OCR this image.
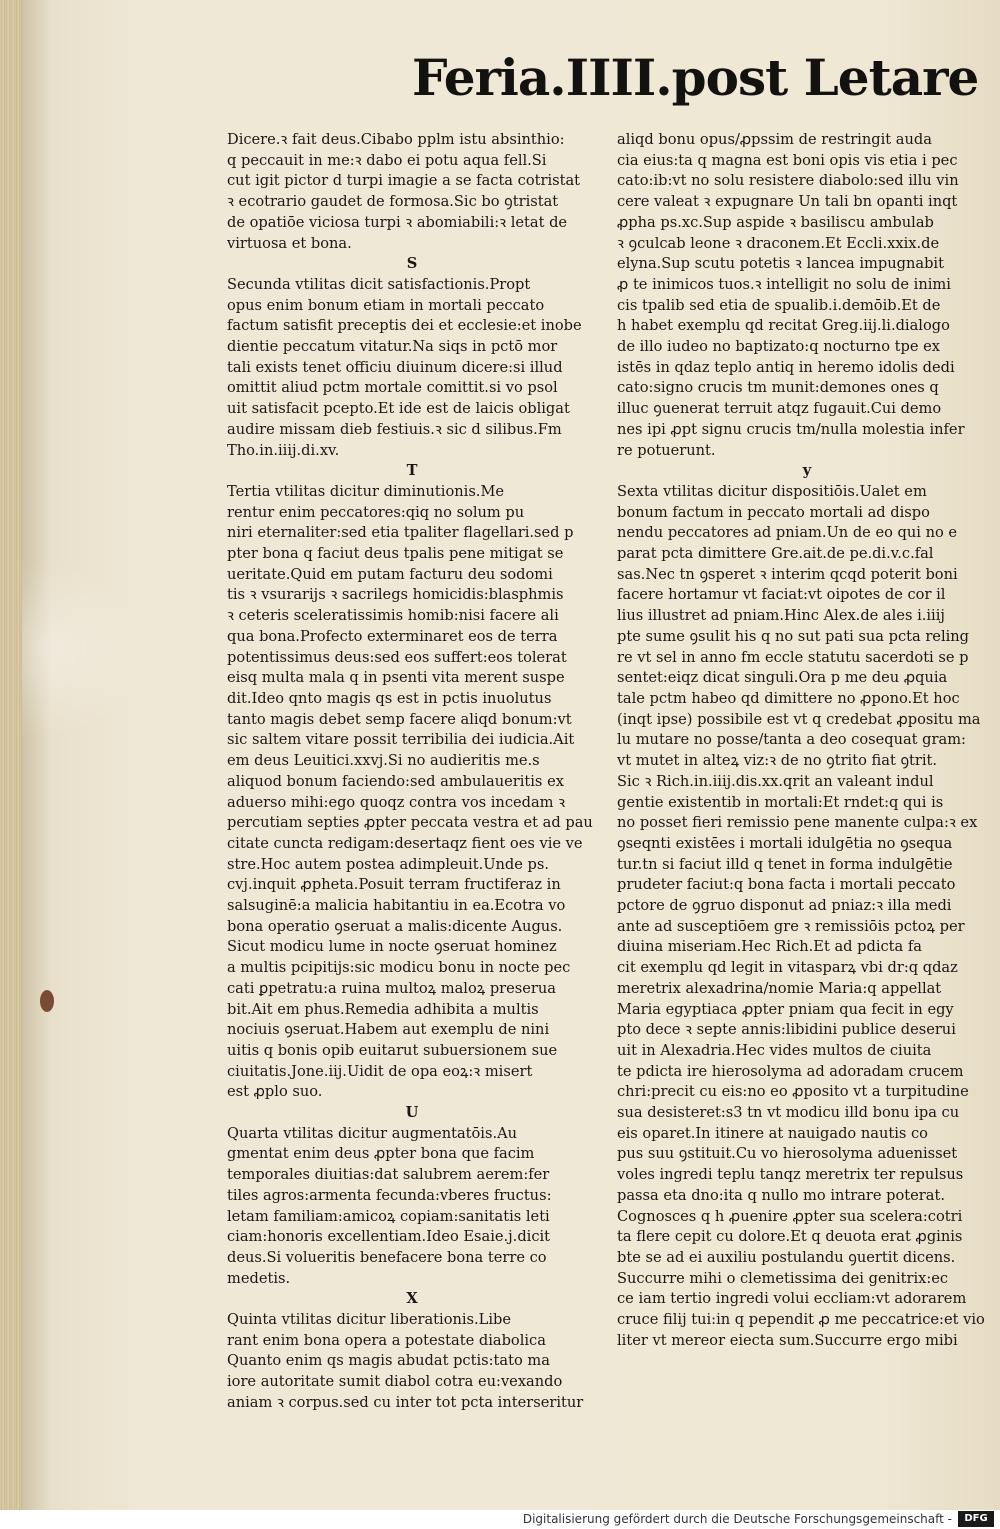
Feria.IIII.post Letare

Dicere.ꝛ fait deus.Cibabo pplm istu absinthio:

q peccauit in me:ꝛ dabo ei potu aqua fell.Si

cut igit pictor d turpi imagie a se facta cotristat

ꝛ ecotrario gaudet de formosa.Sic bo ꝯtristat

de opatiōe viciosa turpi ꝛ abomiabili:ꝛ letat de

virtuosa et bona.

S

Secunda vtilitas dicit satisfactionis.Propt

opus enim bonum etiam in mortali peccato

factum satisfit preceptis dei et ecclesie:et inobe

dientie peccatum vitatur.Na siqs in pctō mor

tali exists tenet officiu diuinum dicere:si illud

omittit aliud pctm mortale comittit.si vo psol

uit satisfacit pcepto.Et ide est de laicis obligat

audire missam dieb festiuis.ꝛ sic d silibus.Fm

Tho.in.iiij.di.xv.

T

Tertia vtilitas dicitur diminutionis.Me

rentur enim peccatores:qiq no solum pu

niri eternaliter:sed etia tpaliter flagellari.sed p

pter bona q faciut deus tpalis pene mitigat se

ueritate.Quid em putam facturu deu sodomi

tis ꝛ vsurarijs ꝛ sacrilegs homicidis:blasphmis

ꝛ ceteris sceleratissimis homib:nisi facere ali

qua bona.Profecto exterminaret eos de terra

potentissimus deus:sed eos suffert:eos tolerat

eisq multa mala q in psenti vita merent suspe

dit.Ideo qnto magis qs est in pctis inuolutus

tanto magis debet semp facere aliqd bonum:vt

sic saltem vitare possit terribilia dei iudicia.Ait

em deus Leuitici.xxvj.Si no audieritis me.s

aliquod bonum faciendo:sed ambulaueritis ex

aduerso mihi:ego quoqz contra vos incedam ꝛ

percutiam septies ꝓpter peccata vestra et ad pau

citate cuncta redigam:desertaqz fient oes vie ve

stre.Hoc autem postea adimpleuit.Unde ps.

cvj.inquit ꝓpheta.Posuit terram fructiferaz in

salsuginē:a malicia habitantiu in ea.Ecotra vo

bona operatio ꝯseruat a malis:dicente Augus.

Sicut modicu lume in nocte ꝯseruat hominez

a multis pcipitijs:sic modicu bonu in nocte pec

cati ꝑpetratu:a ruina multoꝝ maloꝝ preserua

bit.Ait em phus.Remedia adhibita a multis

nociuis ꝯseruat.Habem aut exemplu de nini

uitis q bonis opib euitarut subuersionem sue

ciuitatis.Jone.iij.Uidit de opa eoꝝ:ꝛ misert

est ꝓplo suo.

U

Quarta vtilitas dicitur augmentatōis.Au

gmentat enim deus ꝓpter bona que facim

temporales diuitias:dat salubrem aerem:fer

tiles agros:armenta fecunda:vberes fructus:

letam familiam:amicoꝝ copiam:sanitatis leti

ciam:honoris excellentiam.Ideo Esaie.j.dicit

deus.Si volueritis benefacere bona terre co

medetis.

X

Quinta vtilitas dicitur liberationis.Libe

rant enim bona opera a potestate diabolica

Quanto enim qs magis abudat pctis:tato ma

iore autoritate sumit diabol cotra eu:vexando

aniam ꝛ corpus.sed cu inter tot pcta interseritur

aliqd bonu opus/ꝓpssim de restringit auda

cia eius:ta q magna est boni opis vis etia i pec

cato:ib:vt no solu resistere diabolo:sed illu vin

cere valeat ꝛ expugnare Un tali bn opanti inqt

ꝓpha ps.xc.Sup aspide ꝛ basiliscu ambulab

ꝛ ꝯculcab leone ꝛ draconem.Et Eccli.xxix.de

elyna.Sup scutu potetis ꝛ lancea impugnabit

ꝓ te inimicos tuos.ꝛ intelligit no solu de inimi

cis tpalib sed etia de spualib.i.demōib.Et de

h habet exemplu qd recitat Greg.iij.li.dialogo

de illo iudeo no baptizato:q nocturno tpe ex

istēs in qdaz teplo antiq in heremo idolis dedi

cato:signo crucis tm munit:demones ones q

illuc ꝯuenerat terruit atqz fugauit.Cui demo

nes ipi ꝓpt signu crucis tm/nulla molestia infer

re potuerunt.

y

Sexta vtilitas dicitur dispositiōis.Ualet em

bonum factum in peccato mortali ad dispo

nendu peccatores ad pniam.Un de eo qui no e

parat pcta dimittere Gre.ait.de pe.di.v.c.fal

sas.Nec tn ꝯsperet ꝛ interim qcqd poterit boni

facere hortamur vt faciat:vt oipotes de cor il

lius illustret ad pniam.Hinc Alex.de ales i.iiij

pte sume ꝯsulit his q no sut pati sua pcta reling

re vt sel in anno fm eccle statutu sacerdoti se p

sentet:eiqz dicat singuli.Ora p me deu ꝓquia

tale pctm habeo qd dimittere no ꝓpono.Et hoc

(inqt ipse) possibile est vt q credebat ꝓpositu ma

lu mutare no posse/tanta a deo cosequat gram:

vt mutet in alteꝝ viz:ꝛ de no ꝯtrito fiat ꝯtrit.

Sic ꝛ Rich.in.iiij.dis.xx.qrit an valeant indul

gentie existentib in mortali:Et rndet:q qui is

no posset fieri remissio pene manente culpa:ꝛ ex

ꝯseqnti existēes i mortali idulgētia no ꝯsequa

tur.tn si faciut illd q tenet in forma indulgētie

prudeter faciut:q bona facta i mortali peccato

pctore de ꝯgruo disponut ad pniaz:ꝛ illa medi

ante ad susceptiōem gre ꝛ remissiōis pctoꝝ per

diuina miseriam.Hec Rich.Et ad pdicta fa

cit exemplu qd legit in vitasparꝝ vbi dr:q qdaz

meretrix alexadrina/nomie Maria:q appellat

Maria egyptiaca ꝓpter pniam qua fecit in egy

pto dece ꝛ septe annis:libidini publice deserui

uit in Alexadria.Hec vides multos de ciuita

te pdicta ire hierosolyma ad adoradam crucem

chri:precit cu eis:no eo ꝓposito vt a turpitudine

sua desisteret:s3 tn vt modicu illd bonu ipa cu

eis oparet.In itinere at nauigado nautis co

pus suu ꝯstituit.Cu vo hierosolyma aduenisset

voles ingredi teplu tanqz meretrix ter repulsus

passa eta dno:ita q nullo mo intrare poterat.

Cognosces q h ꝓuenire ꝓpter sua scelera:cotri

ta flere cepit cu dolore.Et q deuota erat ꝓginis

bte se ad ei auxiliu postulandu ꝯuertit dicens.

Succurre mihi o clemetissima dei genitrix:ec

ce iam tertio ingredi volui eccliam:vt adorarem

cruce filij tui:in q pependit ꝓ me peccatrice:et vio

liter vt mereor eiecta sum.Succurre ergo mibi

Digitalisierung gefördert durch die Deutsche Forschungsgemeinschaft -	DFG
